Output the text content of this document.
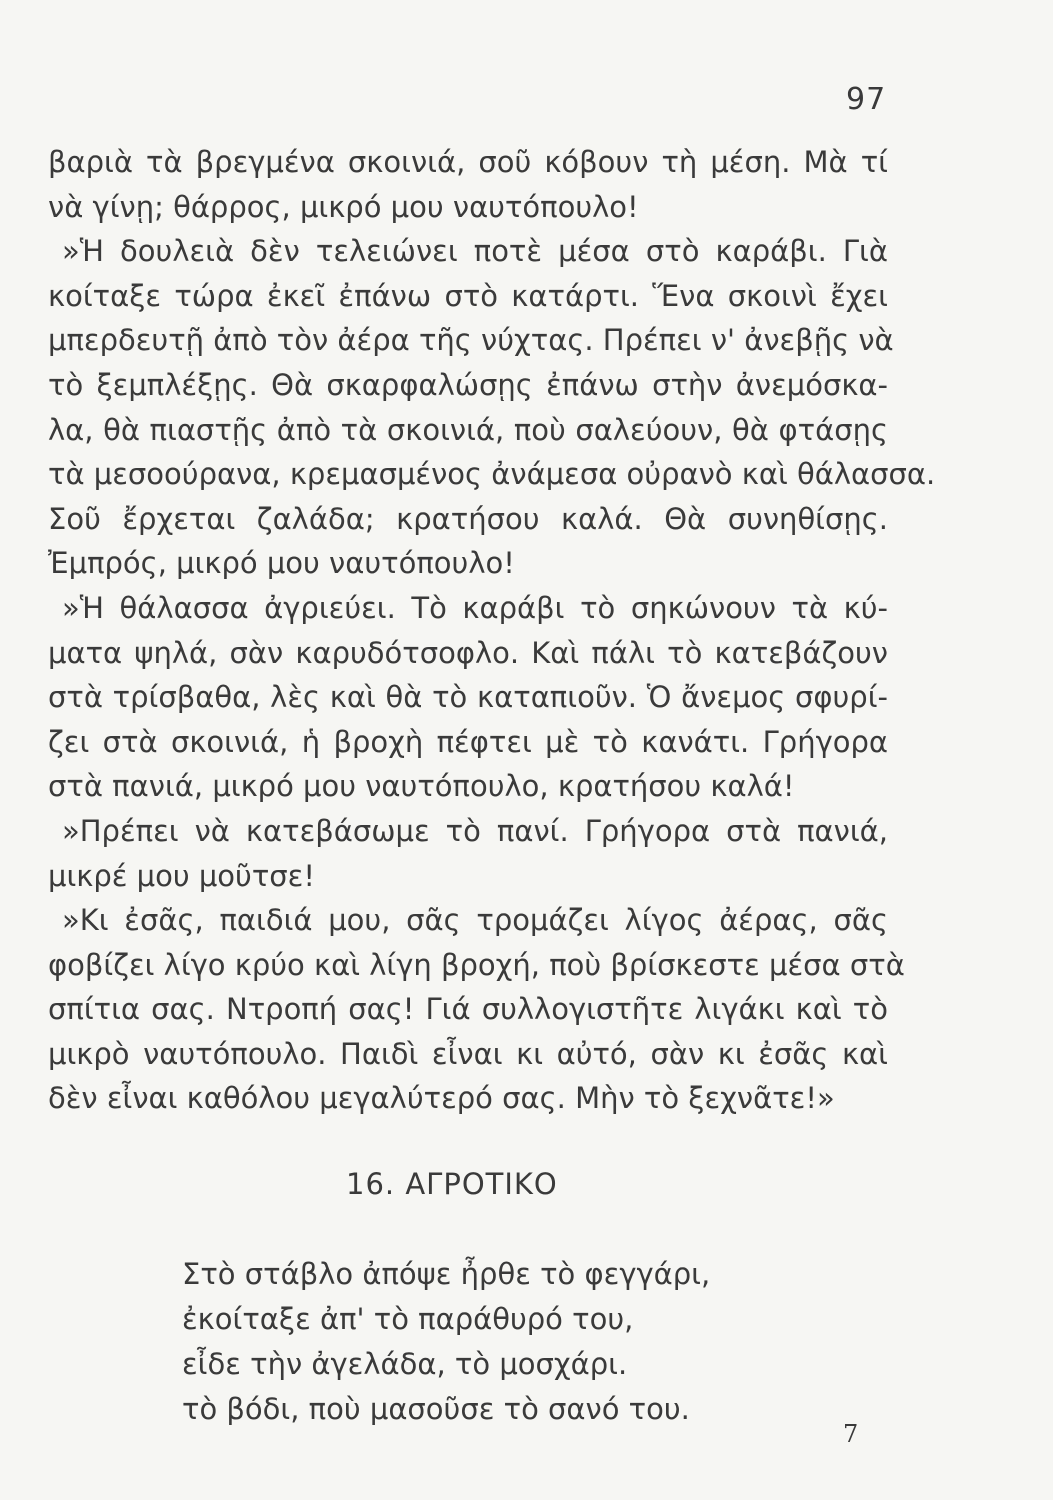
97
βαριὰ τὰ βρεγμένα σκοινιά, σοῦ κόβουν τὴ μέση. Μὰ τί
νὰ γίνῃ; θάρρος, μικρό μου ναυτόπουλο!
»Ἡ δουλειὰ δὲν τελειώνει ποτὲ μέσα στὸ καράβι. Γιὰ
κοίταξε τώρα ἐκεῖ ἐπάνω στὸ κατάρτι. Ἕνα σκοινὶ ἔχει
μπερδευτῇ ἀπὸ τὸν ἀέρα τῆς νύχτας. Πρέπει ν' ἀνεβῇς νὰ
τὸ ξεμπλέξῃς. Θὰ σκαρφαλώσῃς ἐπάνω στὴν ἀνεμόσκα-
λα, θὰ πιαστῇς ἀπὸ τὰ σκοινιά, ποὺ σαλεύουν, θὰ φτάσῃς
τὰ μεσοούρανα, κρεμασμένος ἀνάμεσα οὐρανὸ καὶ θάλασσα.
Σοῦ ἔρχεται ζαλάδα; κρατήσου καλά. Θὰ συνηθίσῃς.
Ἐμπρός, μικρό μου ναυτόπουλο!
»Ἡ θάλασσα ἀγριεύει. Τὸ καράβι τὸ σηκώνουν τὰ κύ-
ματα ψηλά, σὰν καρυδότσοφλο. Καὶ πάλι τὸ κατεβάζουν
στὰ τρίσβαθα, λὲς καὶ θὰ τὸ καταπιοῦν. Ὁ ἄνεμος σφυρί-
ζει στὰ σκοινιά, ἡ βροχὴ πέφτει μὲ τὸ κανάτι. Γρήγορα
στὰ πανιά, μικρό μου ναυτόπουλο, κρατήσου καλά!
»Πρέπει νὰ κατεβάσωμε τὸ πανί. Γρήγορα στὰ πανιά,
μικρέ μου μοῦτσε!
»Κι ἐσᾶς, παιδιά μου, σᾶς τρομάζει λίγος ἀέρας, σᾶς
φοβίζει λίγο κρύο καὶ λίγη βροχή, ποὺ βρίσκεστε μέσα στὰ
σπίτια σας. Ντροπή σας! Γιά συλλογιστῆτε λιγάκι καὶ τὸ
μικρὸ ναυτόπουλο. Παιδὶ εἶναι κι αὐτό, σὰν κι ἐσᾶς καὶ
δὲν εἶναι καθόλου μεγαλύτερό σας. Μὴν τὸ ξεχνᾶτε!»
16. ΑΓΡΟΤΙΚΟ
Στὸ στάβλο ἀπόψε ἦρθε τὸ φεγγάρι,
ἐκοίταξε ἀπ' τὸ παράθυρό του,
εἶδε τὴν ἀγελάδα, τὸ μοσχάρι.
τὸ βόδι, ποὺ μασοῦσε τὸ σανό του.
7
